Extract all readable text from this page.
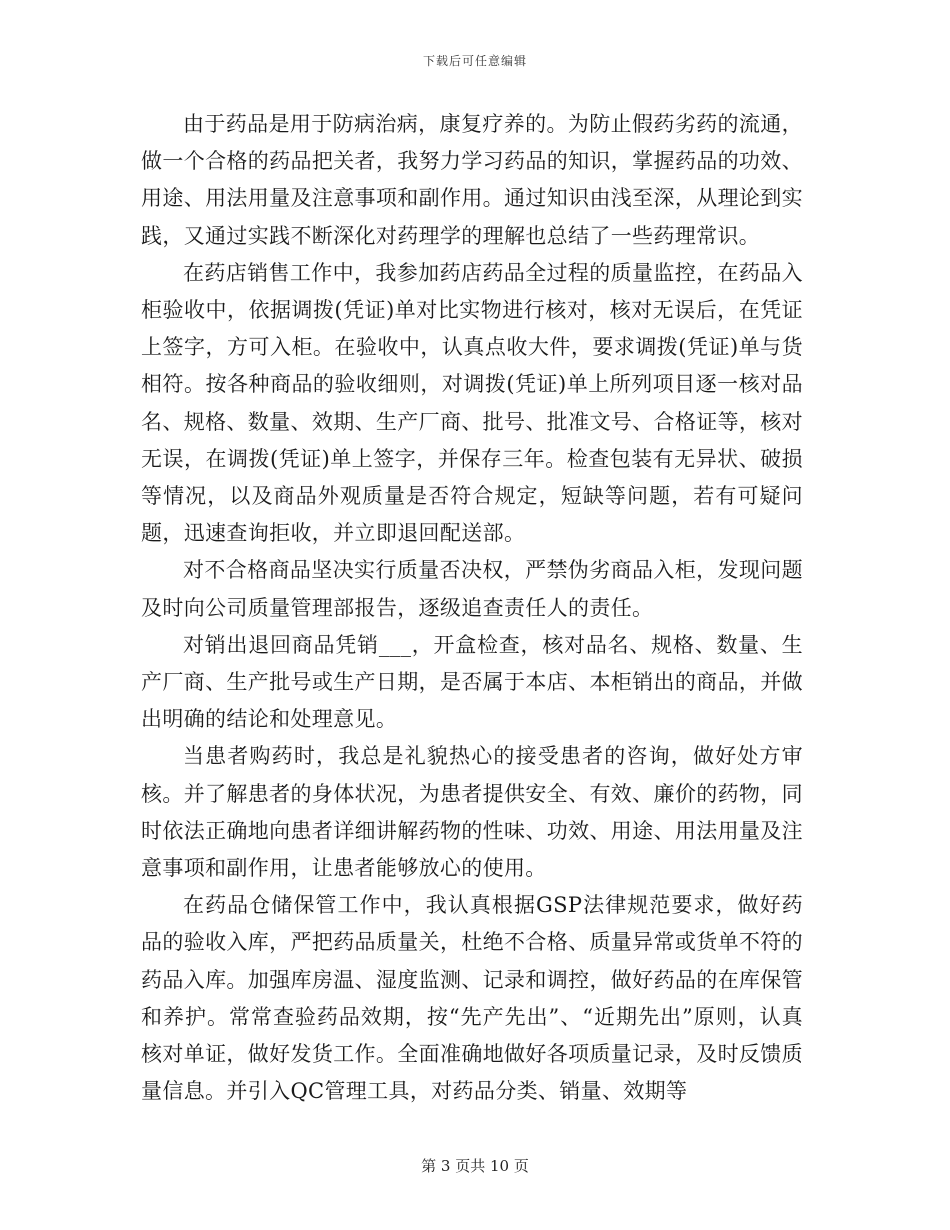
下载后可任意编辑

由于药品是用于防病治病，康复疗养的。为防止假药劣药的流通，做一个合格的药品把关者，我努力学习药品的知识，掌握药品的功效、用途、用法用量及注意事项和副作用。通过知识由浅至深，从理论到实践，又通过实践不断深化对药理学的理解也总结了一些药理常识。

在药店销售工作中，我参加药店药品全过程的质量监控，在药品入柜验收中，依据调拨(凭证)单对比实物进行核对，核对无误后，在凭证上签字，方可入柜。在验收中，认真点收大件，要求调拨(凭证)单与货相符。按各种商品的验收细则，对调拨(凭证)单上所列项目逐一核对品名、规格、数量、效期、生产厂商、批号、批准文号、合格证等，核对无误，在调拨(凭证)单上签字，并保存三年。检查包装有无异状、破损等情况，以及商品外观质量是否符合规定，短缺等问题，若有可疑问题，迅速查询拒收，并立即退回配送部。

对不合格商品坚决实行质量否决权，严禁伪劣商品入柜，发现问题及时向公司质量管理部报告，逐级追查责任人的责任。

对销出退回商品凭销___，开盒检查，核对品名、规格、数量、生产厂商、生产批号或生产日期，是否属于本店、本柜销出的商品，并做出明确的结论和处理意见。

当患者购药时，我总是礼貌热心的接受患者的咨询，做好处方审核。并了解患者的身体状况，为患者提供安全、有效、廉价的药物，同时依法正确地向患者详细讲解药物的性味、功效、用途、用法用量及注意事项和副作用，让患者能够放心的使用。

在药品仓储保管工作中，我认真根据GSP法律规范要求，做好药品的验收入库，严把药品质量关，杜绝不合格、质量异常或货单不符的药品入库。加强库房温、湿度监测、记录和调控，做好药品的在库保管和养护。常常查验药品效期，按“先产先出”、“近期先出”原则，认真核对单证，做好发货工作。全面准确地做好各项质量记录，及时反馈质量信息。并引入QC管理工具，对药品分类、销量、效期等

第 3 页共 10 页
